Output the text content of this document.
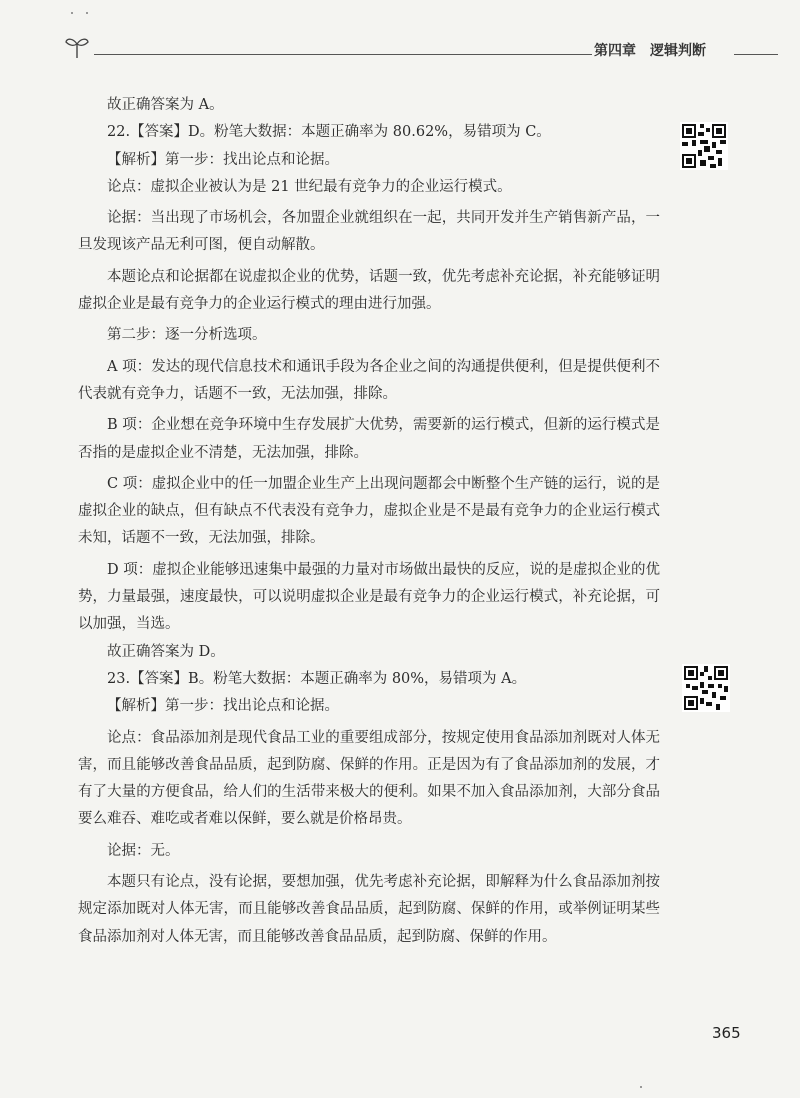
第四章 逻辑判断

故正确答案为 A。

22.【答案】D。粉笔大数据：本题正确率为 80.62%，易错项为 C。

【解析】第一步：找出论点和论据。

论点：虚拟企业被认为是 21 世纪最有竞争力的企业运行模式。

论据：当出现了市场机会，各加盟企业就组织在一起，共同开发并生产销售新产品，一旦发现该产品无利可图，便自动解散。

本题论点和论据都在说虚拟企业的优势，话题一致，优先考虑补充论据，补充能够证明虚拟企业是最有竞争力的企业运行模式的理由进行加强。

第二步：逐一分析选项。

A 项：发达的现代信息技术和通讯手段为各企业之间的沟通提供便利，但是提供便利不代表就有竞争力，话题不一致，无法加强，排除。

B 项：企业想在竞争环境中生存发展扩大优势，需要新的运行模式，但新的运行模式是否指的是虚拟企业不清楚，无法加强，排除。

C 项：虚拟企业中的任一加盟企业生产上出现问题都会中断整个生产链的运行，说的是虚拟企业的缺点，但有缺点不代表没有竞争力，虚拟企业是不是最有竞争力的企业运行模式未知，话题不一致，无法加强，排除。

D 项：虚拟企业能够迅速集中最强的力量对市场做出最快的反应，说的是虚拟企业的优势，力量最强，速度最快，可以说明虚拟企业是最有竞争力的企业运行模式，补充论据，可以加强，当选。

故正确答案为 D。

23.【答案】B。粉笔大数据：本题正确率为 80%，易错项为 A。

【解析】第一步：找出论点和论据。

论点：食品添加剂是现代食品工业的重要组成部分，按规定使用食品添加剂既对人体无害，而且能够改善食品品质，起到防腐、保鲜的作用。正是因为有了食品添加剂的发展，才有了大量的方便食品，给人们的生活带来极大的便利。如果不加入食品添加剂，大部分食品要么难吞、难吃或者难以保鲜，要么就是价格昂贵。

论据：无。

本题只有论点，没有论据，要想加强，优先考虑补充论据，即解释为什么食品添加剂按规定添加既对人体无害，而且能够改善食品品质，起到防腐、保鲜的作用，或举例证明某些食品添加剂对人体无害，而且能够改善食品品质，起到防腐、保鲜的作用。

365
